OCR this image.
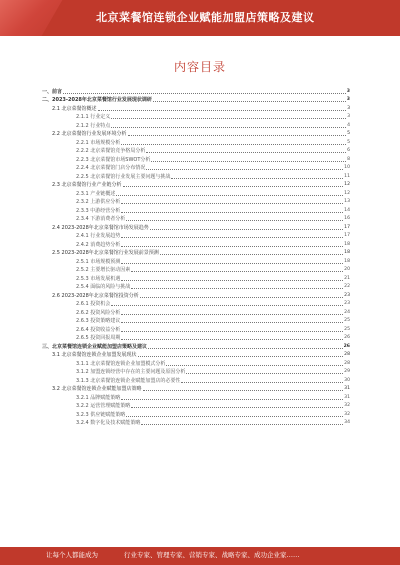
北京菜餐馆连锁企业赋能加盟店策略及建议
内容目录
一、前言	3
二、2023-2028年北京菜餐馆行业发展现状调研	3
2.1 北京菜餐馆概述	3
2.1.1 行业定义	3
2.1.2 行业特点	4
2.2 北京菜餐馆行业发展环境分析	5
2.2.1 市场规模分析	5
2.2.2 北京菜餐馆竞争格局分析	6
2.2.3 北京菜餐馆市场SWOT分析	8
2.2.4 北京菜餐馆门店分布情况	10
2.2.5 北京菜餐馆行业发展主要问题与挑战	11
2.3 北京菜餐馆行业产业链分析	12
2.3.1 产业链概述	12
2.3.2 上游供应分析	13
2.3.3 中游经营分析	14
2.3.4 下游消费者分析	16
2.4 2023-2028年北京菜餐馆市场发展趋势	17
2.4.1 行业发展趋势	17
2.4.2 消费趋势分析	18
2.5 2023-2028年北京菜餐馆行业发展前景预测	18
2.5.1 市场规模预测	18
2.5.2 主要增长驱动因素	20
2.5.3 市场发展机遇	21
2.5.4 面临的风险与挑战	22
2.6 2023-2028年北京菜餐馆投资分析	23
2.6.1 投资机会	23
2.6.2 投资风险分析	24
2.6.3 投资策略建议	25
2.6.4 投资收益分析	25
2.6.5 投资回报周期	26
三、北京菜餐馆连锁企业赋能加盟店策略及建议	26
3.1 北京菜餐馆连锁企业加盟发展现状	28
3.1.1 北京菜餐馆连锁企业加盟模式分析	28
3.1.2 加盟连锁经营中存在的主要问题及原因分析	29
3.1.3 北京菜餐馆连锁企业赋能加盟店的必要性	30
3.2 北京菜餐馆连锁企业赋能加盟店策略	31
3.2.1 品牌赋能策略	31
3.2.2 运营管理赋能策略	32
3.2.3 供应链赋能策略	32
3.2.4 数字化及技术赋能策略	34
让每个人都能成为	行业专家、管理专家、营销专家、战略专家、成功企业家……
